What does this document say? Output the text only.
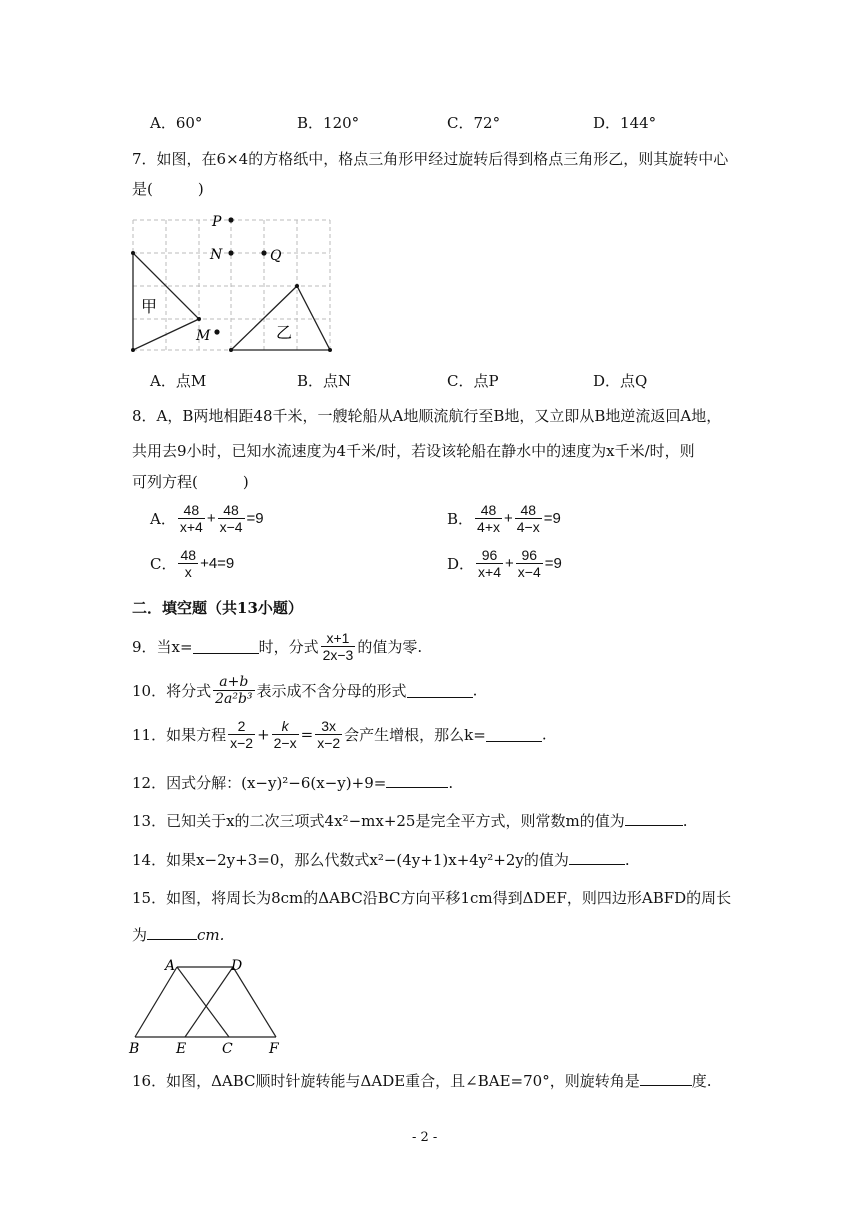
A．60°	B．120°	C．72°	D．144°
7．如图，在6×4的方格纸中，格点三角形甲经过旋转后得到格点三角形乙，则其旋转中心
是(　　　)
P
N	Q
M
甲
乙
A．点M	B．点N	C．点P	D．点Q
8．A，B两地相距48千米，一艘轮船从A地顺流航行至B地，又立即从B地逆流返回A地，
共用去9小时，已知水流速度为4千米/时，若设该轮船在静水中的速度为x千米/时，则
可列方程(　　　)
A． $\frac{48}{x+4} + \frac{48}{x-4} =9$	B． $\frac{48}{4+x} + \frac{48}{4-x} =9$
C． $\frac{48}{x} +4=9$	D． $\frac{96}{x+4} + \frac{96}{x-4} =9$
二．填空题（共13小题）
9．当x=	时，分式 $\frac{x+1}{2x-3}$ 的值为零.
10．将分式 $\frac{a+b}{\text{2a²b³}}$ 表示成不含分母的形式	.
11．如果方程 $\frac{2}{x-2} + \frac{k}{2-x} = \frac{3x}{x-2}$ 会产生增根，那么k=	.
12．因式分解：(x−y)²−6(x−y)+9=	.
13．已知关于x的二次三项式4x²−mx+25是完全平方式，则常数m的值为	.
14．如果x−2y+3=0，那么代数式x²−(4y+1)x+4y²+2y的值为	.
15．如图，将周长为8cm的ΔABC沿BC方向平移1cm得到ΔDEF，则四边形ABFD的周长
为	cm.
A	D
B	E	C	F
16．如图，ΔABC顺时针旋转能与ΔADE重合，且∠BAE=70°，则旋转角是	度.
- 2 -
